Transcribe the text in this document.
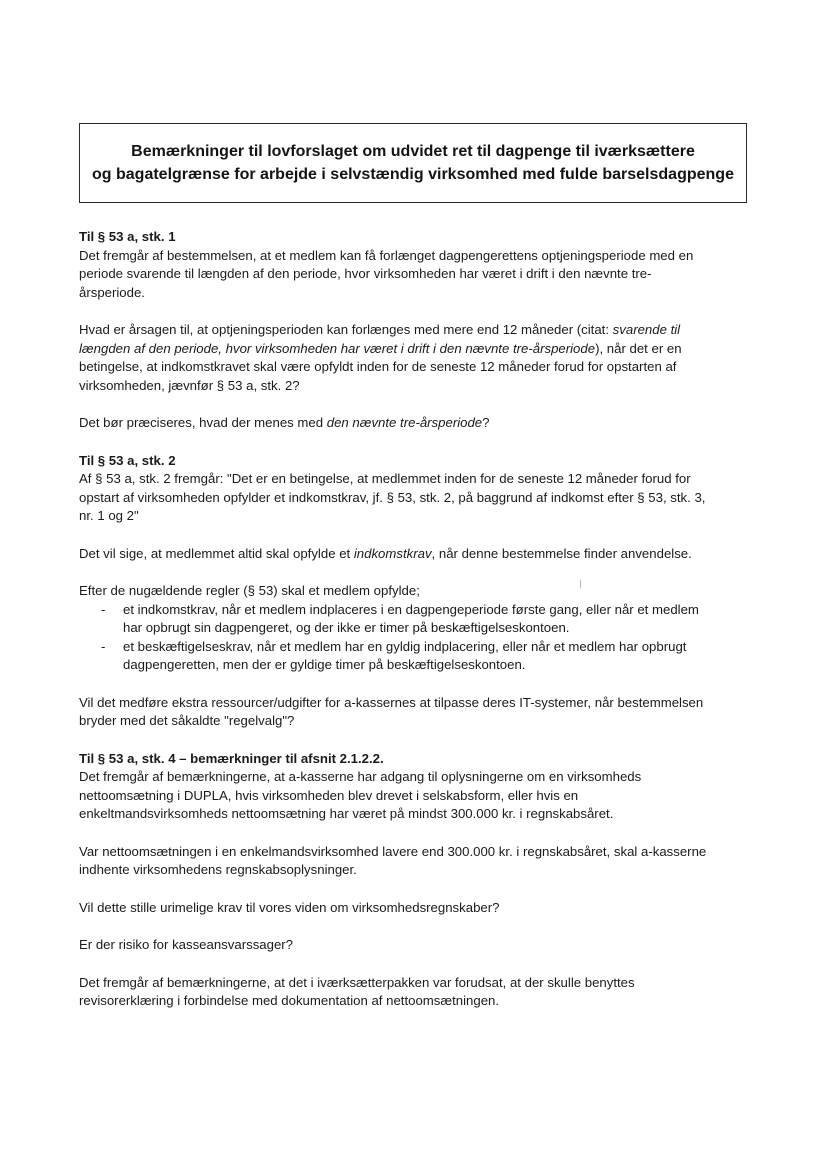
Bemærkninger til lovforslaget om udvidet ret til dagpenge til iværksættere
og bagatelgrænse for arbejde i selvstændig virksomhed med fulde barselsdagpenge
Til § 53 a, stk. 1

Det fremgår af bestemmelsen, at et medlem kan få forlænget dagpengerettens optjeningsperiode med en
periode svarende til længden af den periode, hvor virksomheden har været i drift i den nævnte tre-
årsperiode.

Hvad er årsagen til, at optjeningsperioden kan forlænges med mere end 12 måneder (citat: svarende til
længden af den periode, hvor virksomheden har været i drift i den nævnte tre-årsperiode), når det er en
betingelse, at indkomstkravet skal være opfyldt inden for de seneste 12 måneder forud for opstarten af
virksomheden, jævnfør § 53 a, stk. 2?

Det bør præciseres, hvad der menes med den nævnte tre-årsperiode?

Til § 53 a, stk. 2

Af § 53 a, stk. 2 fremgår: "Det er en betingelse, at medlemmet inden for de seneste 12 måneder forud for
opstart af virksomheden opfylder et indkomstkrav, jf. § 53, stk. 2, på baggrund af indkomst efter § 53, stk. 3,
nr. 1 og 2"

Det vil sige, at medlemmet altid skal opfylde et indkomstkrav, når denne bestemmelse finder anvendelse.

Efter de nugældende regler (§ 53) skal et medlem opfylde;

- et indkomstkrav, når et medlem indplaceres i en dagpengeperiode første gang, eller når et medlem
har opbrugt sin dagpengeret, og der ikke er timer på beskæftigelseskontoen.
- et beskæftigelseskrav, når et medlem har en gyldig indplacering, eller når et medlem har opbrugt
dagpengeretten, men der er gyldige timer på beskæftigelseskontoen.

Vil det medføre ekstra ressourcer/udgifter for a-kassernes at tilpasse deres IT-systemer, når bestemmelsen
bryder med det såkaldte "regelvalg"?

Til § 53 a, stk. 4 – bemærkninger til afsnit 2.1.2.2.

Det fremgår af bemærkningerne, at a-kasserne har adgang til oplysningerne om en virksomheds
nettoomsætning i DUPLA, hvis virksomheden blev drevet i selskabsform, eller hvis en
enkeltmandsvirksomheds nettoomsætning har været på mindst 300.000 kr. i regnskabsåret.

Var nettoomsætningen i en enkelmandsvirksomhed lavere end 300.000 kr. i regnskabsåret, skal a-kasserne
indhente virksomhedens regnskabsoplysninger.

Vil dette stille urimelige krav til vores viden om virksomhedsregnskaber?

Er der risiko for kasseansvarssager?

Det fremgår af bemærkningerne, at det i iværksætterpakken var forudsat, at der skulle benyttes
revisorerklæring i forbindelse med dokumentation af nettoomsætningen.
